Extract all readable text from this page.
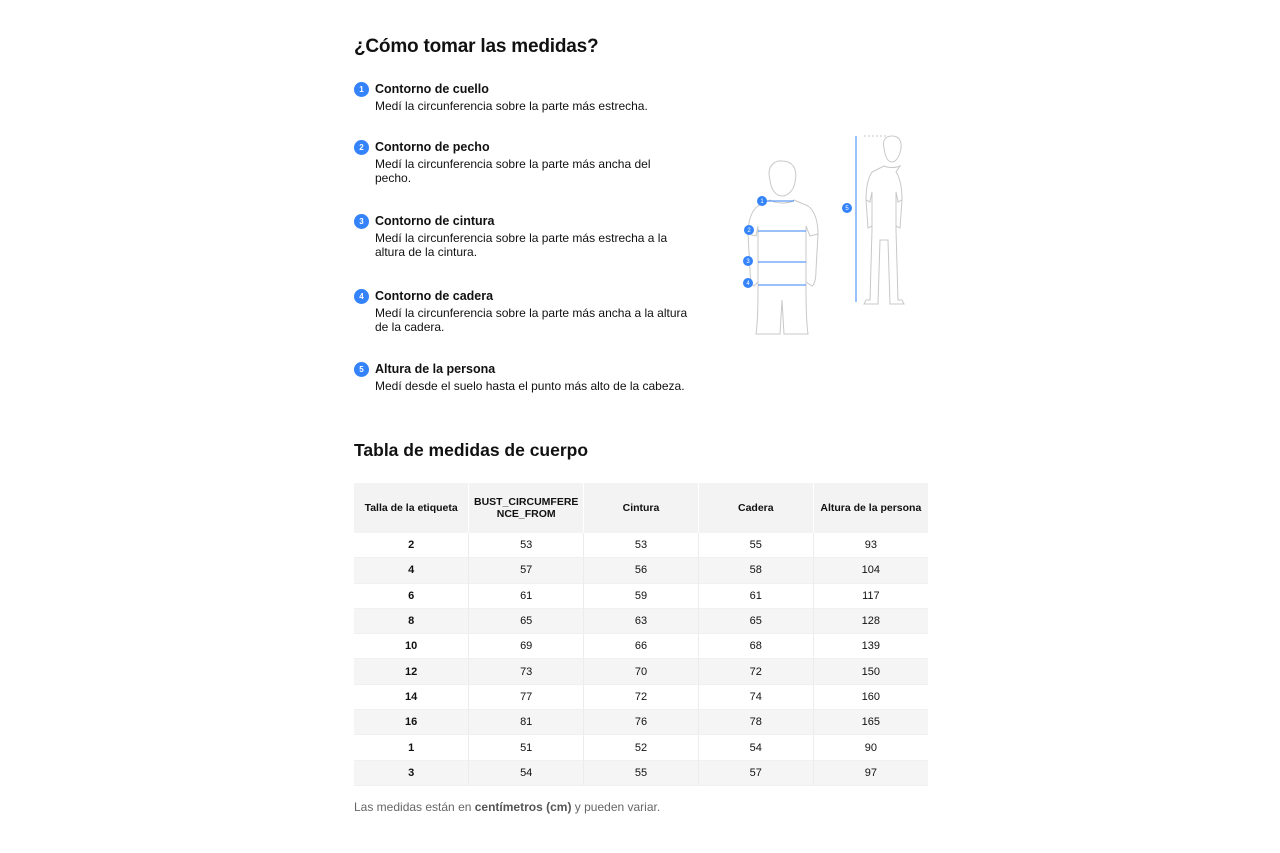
¿Cómo tomar las medidas?
1 Contorno de cuello
Medí la circunferencia sobre la parte más estrecha.
2 Contorno de pecho
Medí la circunferencia sobre la parte más ancha del pecho.
3 Contorno de cintura
Medí la circunferencia sobre la parte más estrecha a la altura de la cintura.
4 Contorno de cadera
Medí la circunferencia sobre la parte más ancha a la altura de la cadera.
5 Altura de la persona
Medí desde el suelo hasta el punto más alto de la cabeza.
1
2
3
4
5
Tabla de medidas de cuerpo
Talla de la etiqueta	BUST_CIRCUMFERE NCE_FROM	Cintura	Cadera	Altura de la persona
2	53	53	55	93
4	57	56	58	104
6	61	59	61	117
8	65	63	65	128
10	69	66	68	139
12	73	70	72	150
14	77	72	74	160
16	81	76	78	165
1	51	52	54	90
3	54	55	57	97
Las medidas están en centímetros (cm) y pueden variar.
